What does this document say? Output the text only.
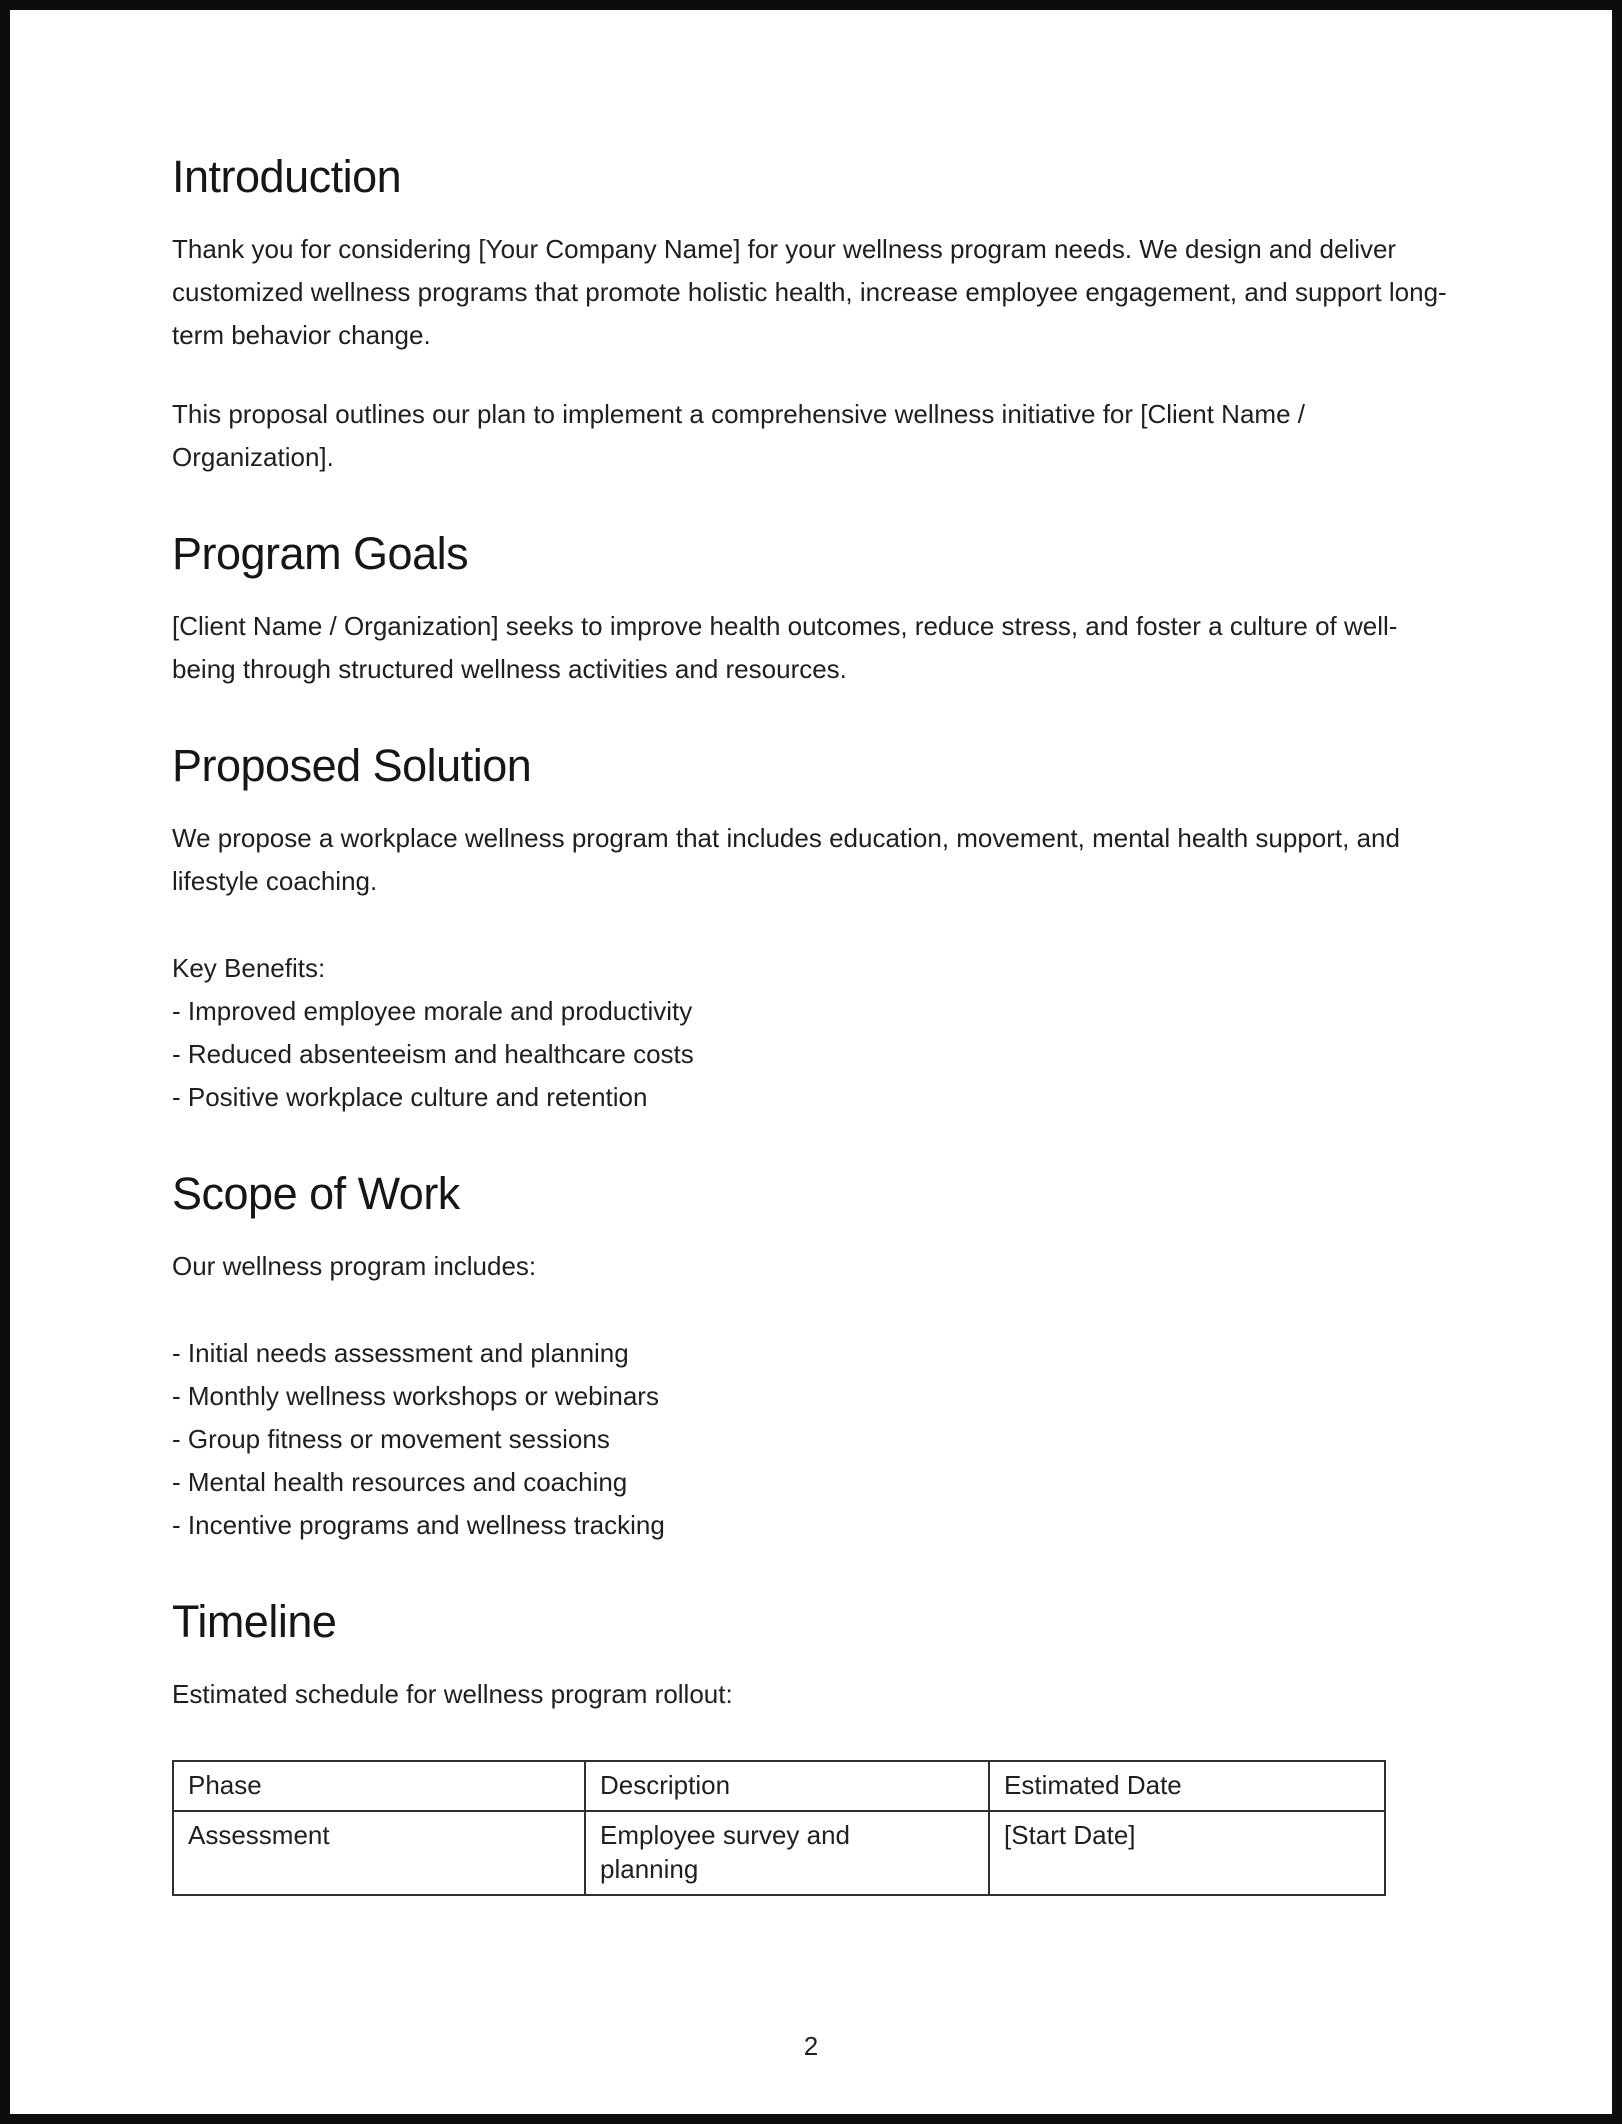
Introduction

Thank you for considering [Your Company Name] for your wellness program needs. We design and deliver customized wellness programs that promote holistic health, increase employee engagement, and support long-term behavior change.

This proposal outlines our plan to implement a comprehensive wellness initiative for [Client Name / Organization].

Program Goals

[Client Name / Organization] seeks to improve health outcomes, reduce stress, and foster a culture of well-being through structured wellness activities and resources.

Proposed Solution

We propose a workplace wellness program that includes education, movement, mental health support, and lifestyle coaching.

Key Benefits:
- Improved employee morale and productivity
- Reduced absenteeism and healthcare costs
- Positive workplace culture and retention
Scope of Work

Our wellness program includes:

- Initial needs assessment and planning
- Monthly wellness workshops or webinars
- Group fitness or movement sessions
- Mental health resources and coaching
- Incentive programs and wellness tracking
Timeline

Estimated schedule for wellness program rollout:

Phase	Description	Estimated Date
Assessment	Employee survey and planning	[Start Date]
2
